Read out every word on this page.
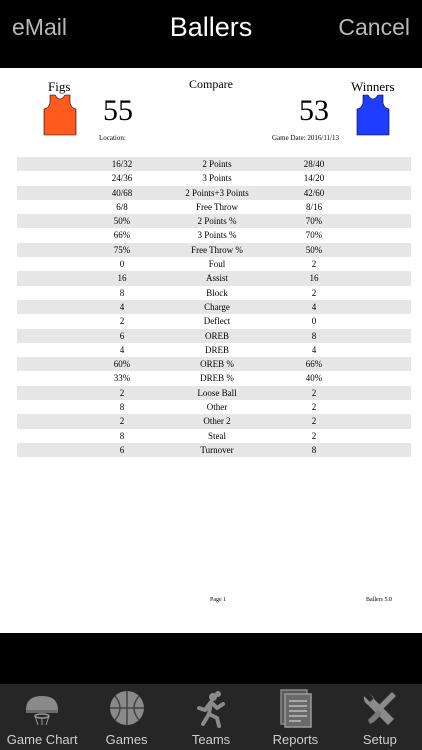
eMail	Ballers	Cancel
Figs	Compare	Winners
55	53
Location:	Game Date: 2016/11/13
16/32	2 Points	28/40
24/36	3 Points	14/20
40/68	2 Points+3 Points	42/60
6/8	Free Throw	8/16
50%	2 Points %	70%
66%	3 Points %	70%
75%	Free Throw %	50%
0	Foul	2
16	Assist	16
8	Block	2
4	Charge	4
2	Deflect	0
6	OREB	8
4	DREB	4
60%	OREB %	66%
33%	DREB %	40%
2	Loose Ball	2
8	Other	2
2	Other 2	2
8	Steal	2
6	Turnover	8
Page 1	Ballers 5.0
Game Chart	Games	Teams	Reports	Setup
